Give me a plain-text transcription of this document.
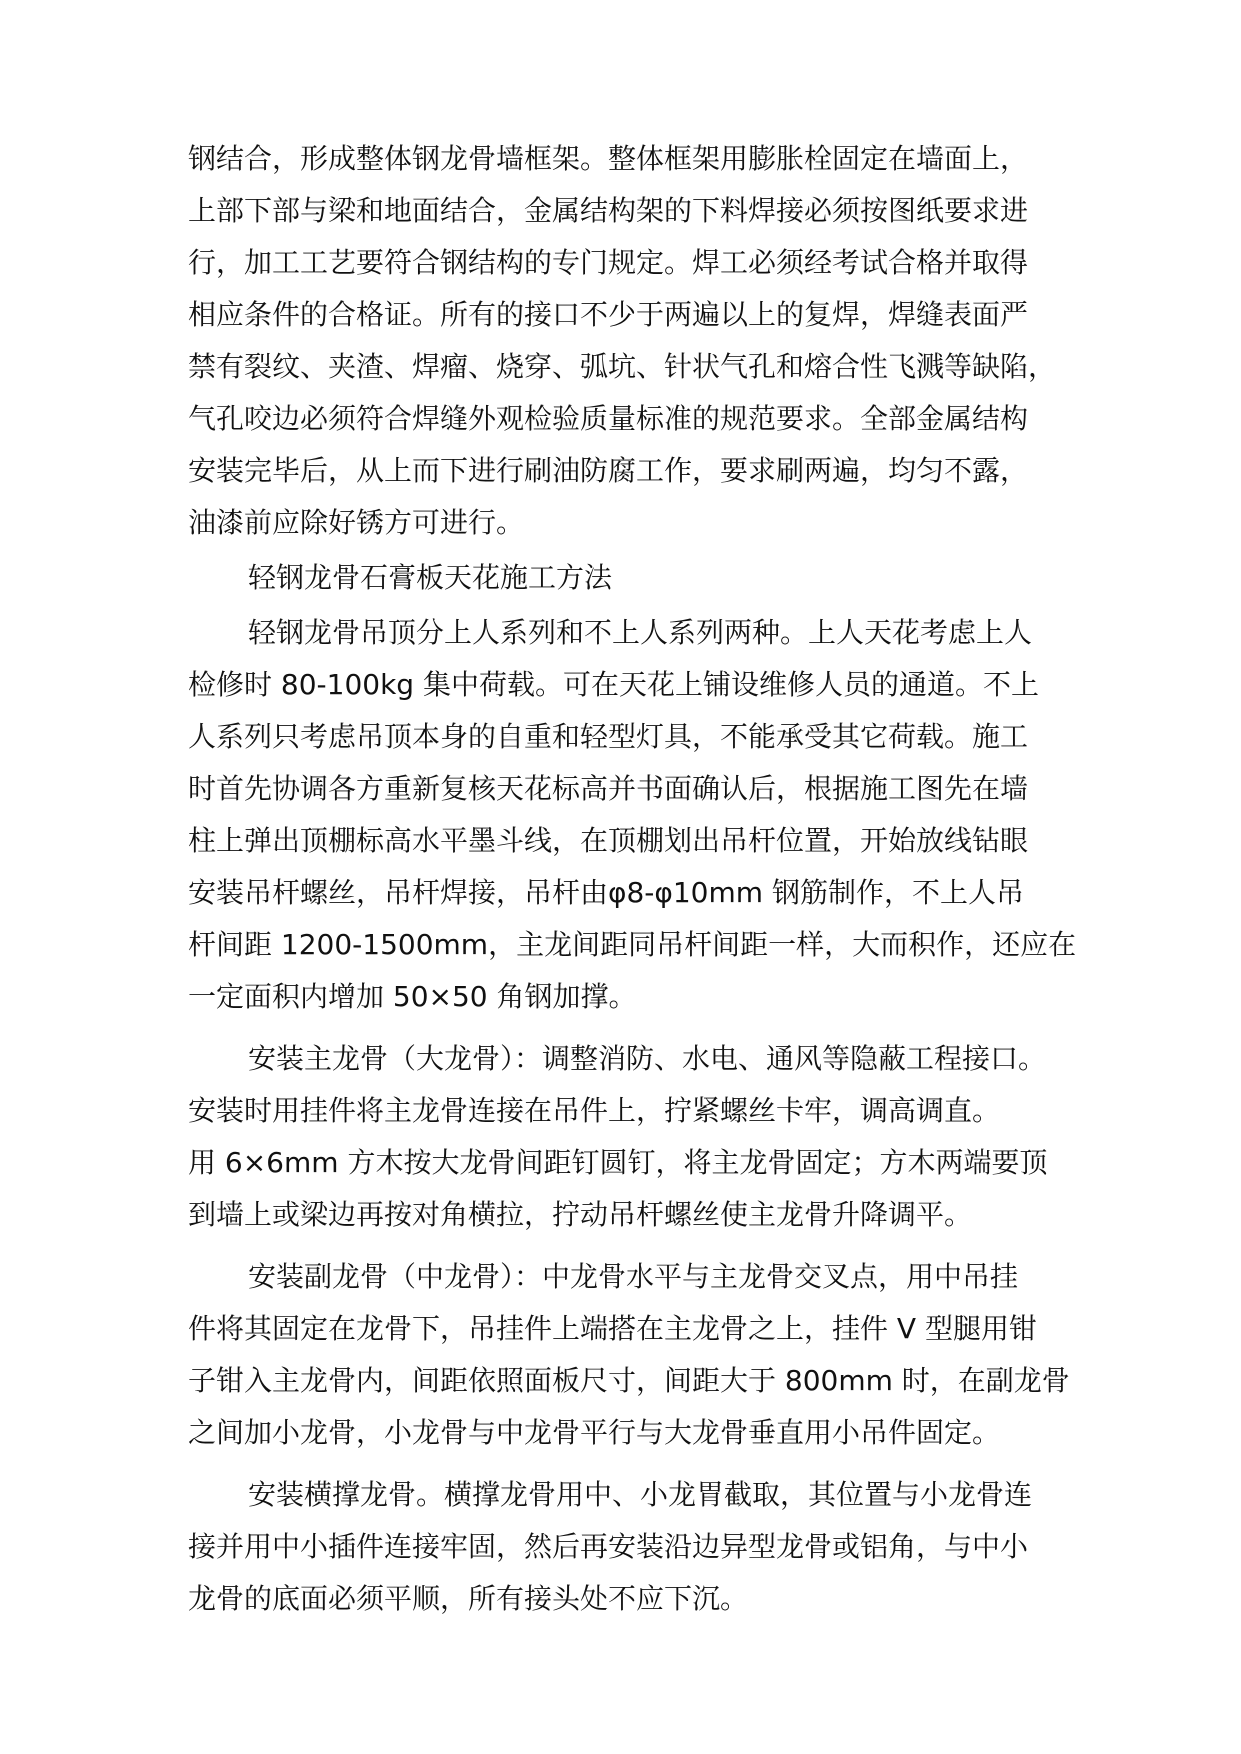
钢结合，形成整体钢龙骨墙框架。整体框架用膨胀栓固定在墙面上，
上部下部与梁和地面结合，金属结构架的下料焊接必须按图纸要求进
行，加工工艺要符合钢结构的专门规定。焊工必须经考试合格并取得
相应条件的合格证。所有的接口不少于两遍以上的复焊，焊缝表面严
禁有裂纹、夹渣、焊瘤、烧穿、弧坑、针状气孔和熔合性飞溅等缺陷，
气孔咬边必须符合焊缝外观检验质量标准的规范要求。全部金属结构
安装完毕后，从上而下进行刷油防腐工作，要求刷两遍，均匀不露，
油漆前应除好锈方可进行。
轻钢龙骨石膏板天花施工方法
轻钢龙骨吊顶分上人系列和不上人系列两种。上人天花考虑上人
检修时 80-100kg 集中荷载。可在天花上铺设维修人员的通道。不上
人系列只考虑吊顶本身的自重和轻型灯具，不能承受其它荷载。施工
时首先协调各方重新复核天花标高并书面确认后，根据施工图先在墙
柱上弹出顶棚标高水平墨斗线，在顶棚划出吊杆位置，开始放线钻眼
安装吊杆螺丝，吊杆焊接，吊杆由φ8-φ10mm 钢筋制作，不上人吊
杆间距 1200-1500mm，主龙间距同吊杆间距一样，大而积作，还应在
一定面积内增加 50×50 角钢加撑。
安装主龙骨（大龙骨）：调整消防、水电、通风等隐蔽工程接口。
安装时用挂件将主龙骨连接在吊件上，拧紧螺丝卡牢，调高调直。
用 6×6mm 方木按大龙骨间距钉圆钉，将主龙骨固定；方木两端要顶
到墙上或梁边再按对角横拉，拧动吊杆螺丝使主龙骨升降调平。
安装副龙骨（中龙骨）：中龙骨水平与主龙骨交叉点，用中吊挂
件将其固定在龙骨下，吊挂件上端搭在主龙骨之上，挂件 V 型腿用钳
子钳入主龙骨内，间距依照面板尺寸，间距大于 800mm 时，在副龙骨
之间加小龙骨，小龙骨与中龙骨平行与大龙骨垂直用小吊件固定。
安装横撑龙骨。横撑龙骨用中、小龙胃截取，其位置与小龙骨连
接并用中小插件连接牢固，然后再安装沿边异型龙骨或铝角，与中小
龙骨的底面必须平顺，所有接头处不应下沉。
